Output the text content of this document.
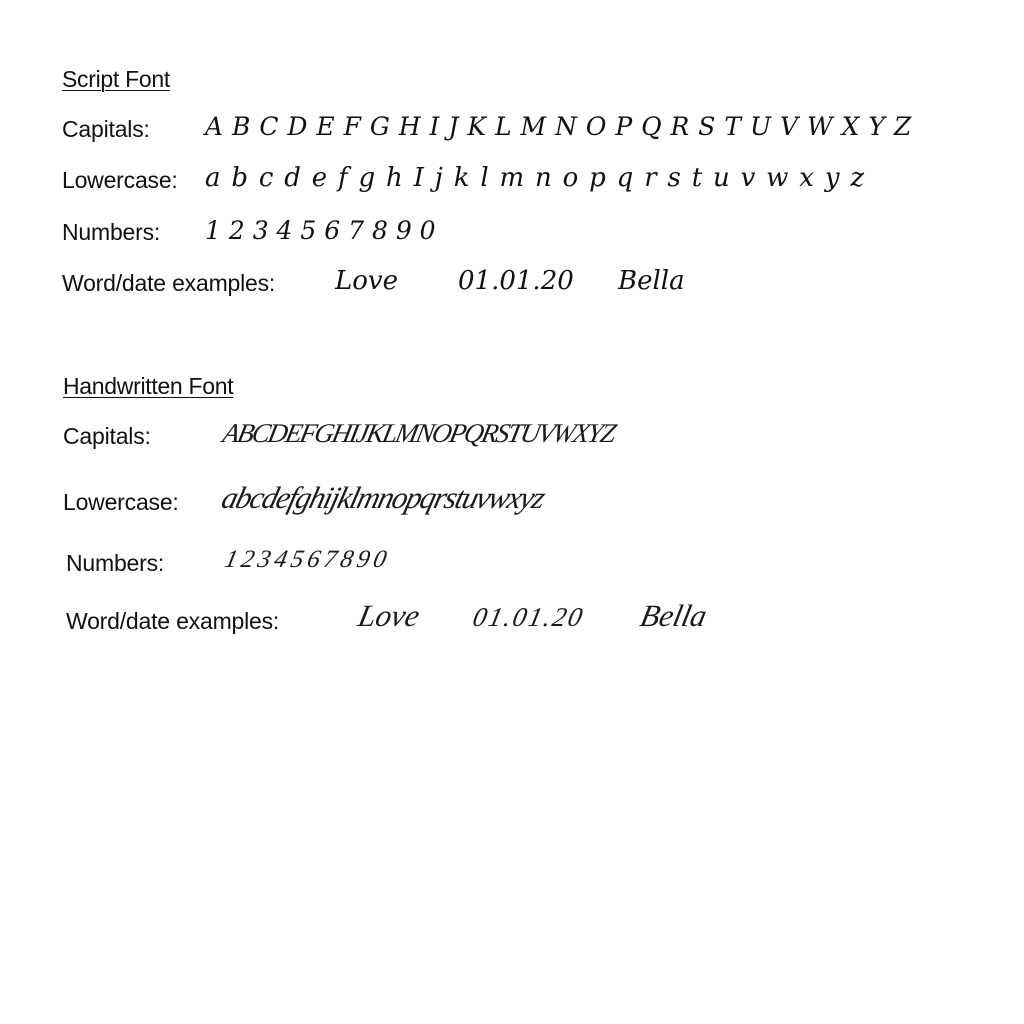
Script Font
Capitals: A B C D E F G H I J K L M N O P Q R S T U V W X Y Z
Lowercase: a b c d e f g h I j k l m n o p q r s t u v w x y z
Numbers: 1 2 3 4 5 6 7 8 9 0
Word/date examples: Love 01.01.20 Bella
Handwritten Font
Capitals:	ABCDEFGHIJKLMNOPQRSTUVWXYZ
Lowercase: abcdefghijklmnopqrstuvwxyz
Numbers: 1234567890
Word/date examples: Love 01.01.20 Bella
